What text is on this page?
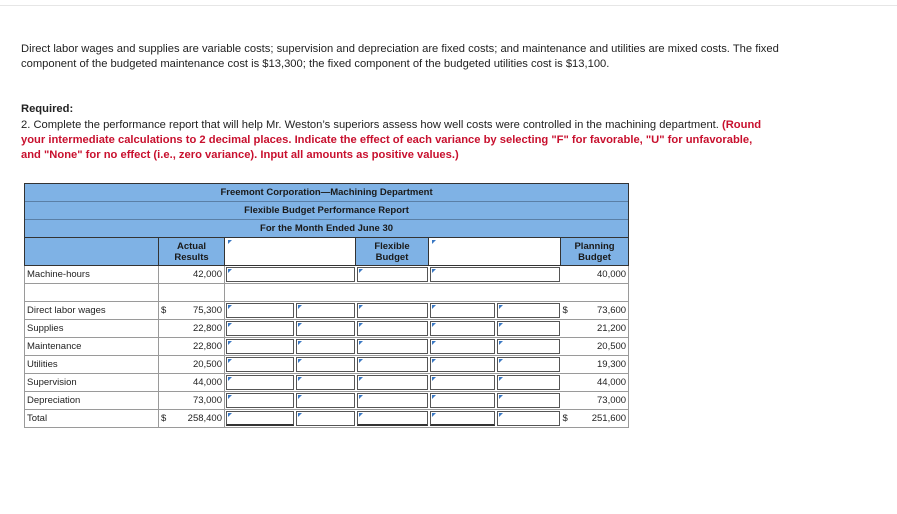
Direct labor wages and supplies are variable costs; supervision and depreciation are fixed costs; and maintenance and utilities are mixed costs. The fixed component of the budgeted maintenance cost is $13,300; the fixed component of the budgeted utilities cost is $13,100.
Required:
2. Complete the performance report that will help Mr. Weston’s superiors assess how well costs were controlled in the machining department. (Round your intermediate calculations to 2 decimal places. Indicate the effect of each variance by selecting "F" for favorable, "U" for unfavorable, and "None" for no effect (i.e., zero variance). Input all amounts as positive values.)
Freemont Corporation—Machining Department							
Flexible Budget Performance Report							
For the Month Ended June 30							
	Actual Results			Flexible Budget			Planning Budget
Machine-hours	42,000						40,000

Direct labor wages	$ 75,300						$ 73,600
Supplies	22,800						21,200
Maintenance	22,800						20,500
Utilities	20,500						19,300
Supervision	44,000						44,000
Depreciation	73,000						73,000
Total	$ 258,400						$ 251,600
